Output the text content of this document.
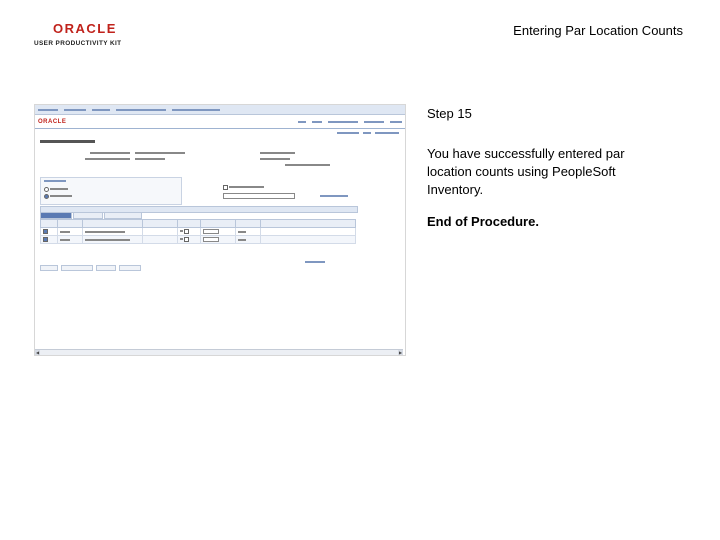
ORACLE
USER PRODUCTIVITY KIT
Entering Par Location Counts
ORACLE

◀	▶
Step 15
You have successfully entered par location counts using PeopleSoft Inventory.
End of Procedure.
